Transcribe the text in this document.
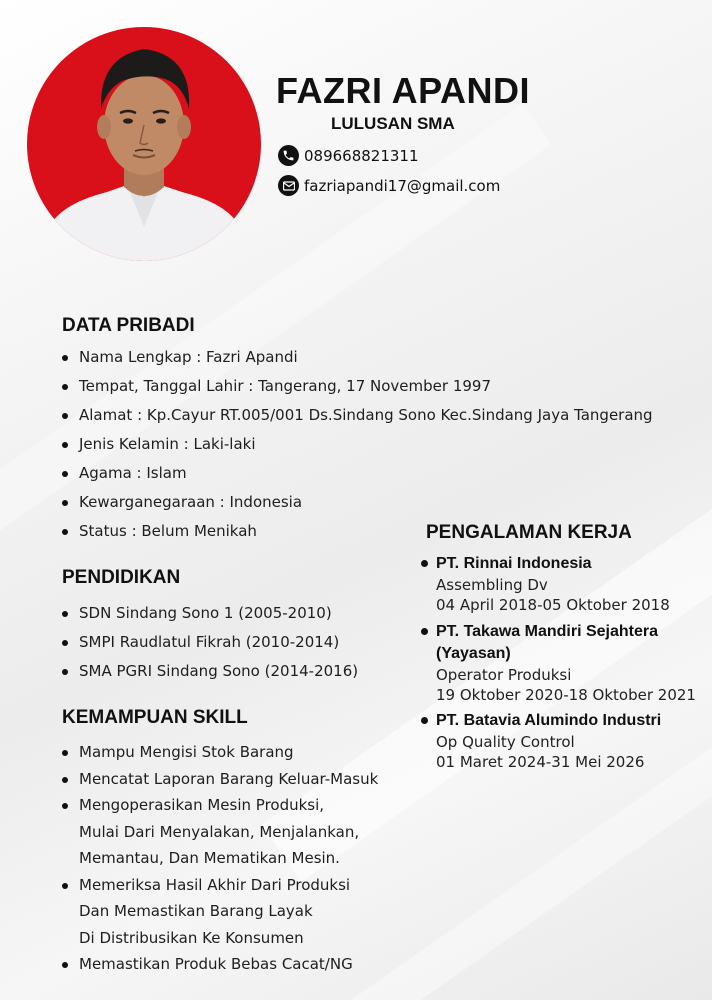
FAZRI APANDI
LULUSAN SMA
089668821311
fazriapandi17@gmail.com
DATA PRIBADI
Nama Lengkap : Fazri Apandi
Tempat, Tanggal Lahir : Tangerang, 17 November 1997
Alamat : Kp.Cayur RT.005/001 Ds.Sindang Sono Kec.Sindang Jaya Tangerang
Jenis Kelamin : Laki-laki
Agama : Islam
Kewarganegaraan : Indonesia
Status : Belum Menikah
PENDIDIKAN
SDN Sindang Sono 1 (2005-2010)
SMPI Raudlatul Fikrah (2010-2014)
SMA PGRI Sindang Sono (2014-2016)
KEMAMPUAN SKILL
Mampu Mengisi Stok Barang
Mencatat Laporan Barang Keluar-Masuk
Mengoperasikan Mesin Produksi,
Mulai Dari Menyalakan, Menjalankan,
Memantau, Dan Mematikan Mesin.
Memeriksa Hasil Akhir Dari Produksi
Dan Memastikan Barang Layak
Di Distribusikan Ke Konsumen
Memastikan Produk Bebas Cacat/NG
PENGALAMAN KERJA
PT. Rinnai Indonesia
Assembling Dv
04 April 2018-05 Oktober 2018
PT. Takawa Mandiri Sejahtera
(Yayasan)
Operator Produksi
19 Oktober 2020-18 Oktober 2021
PT. Batavia Alumindo Industri
Op Quality Control
01 Maret 2024-31 Mei 2026
